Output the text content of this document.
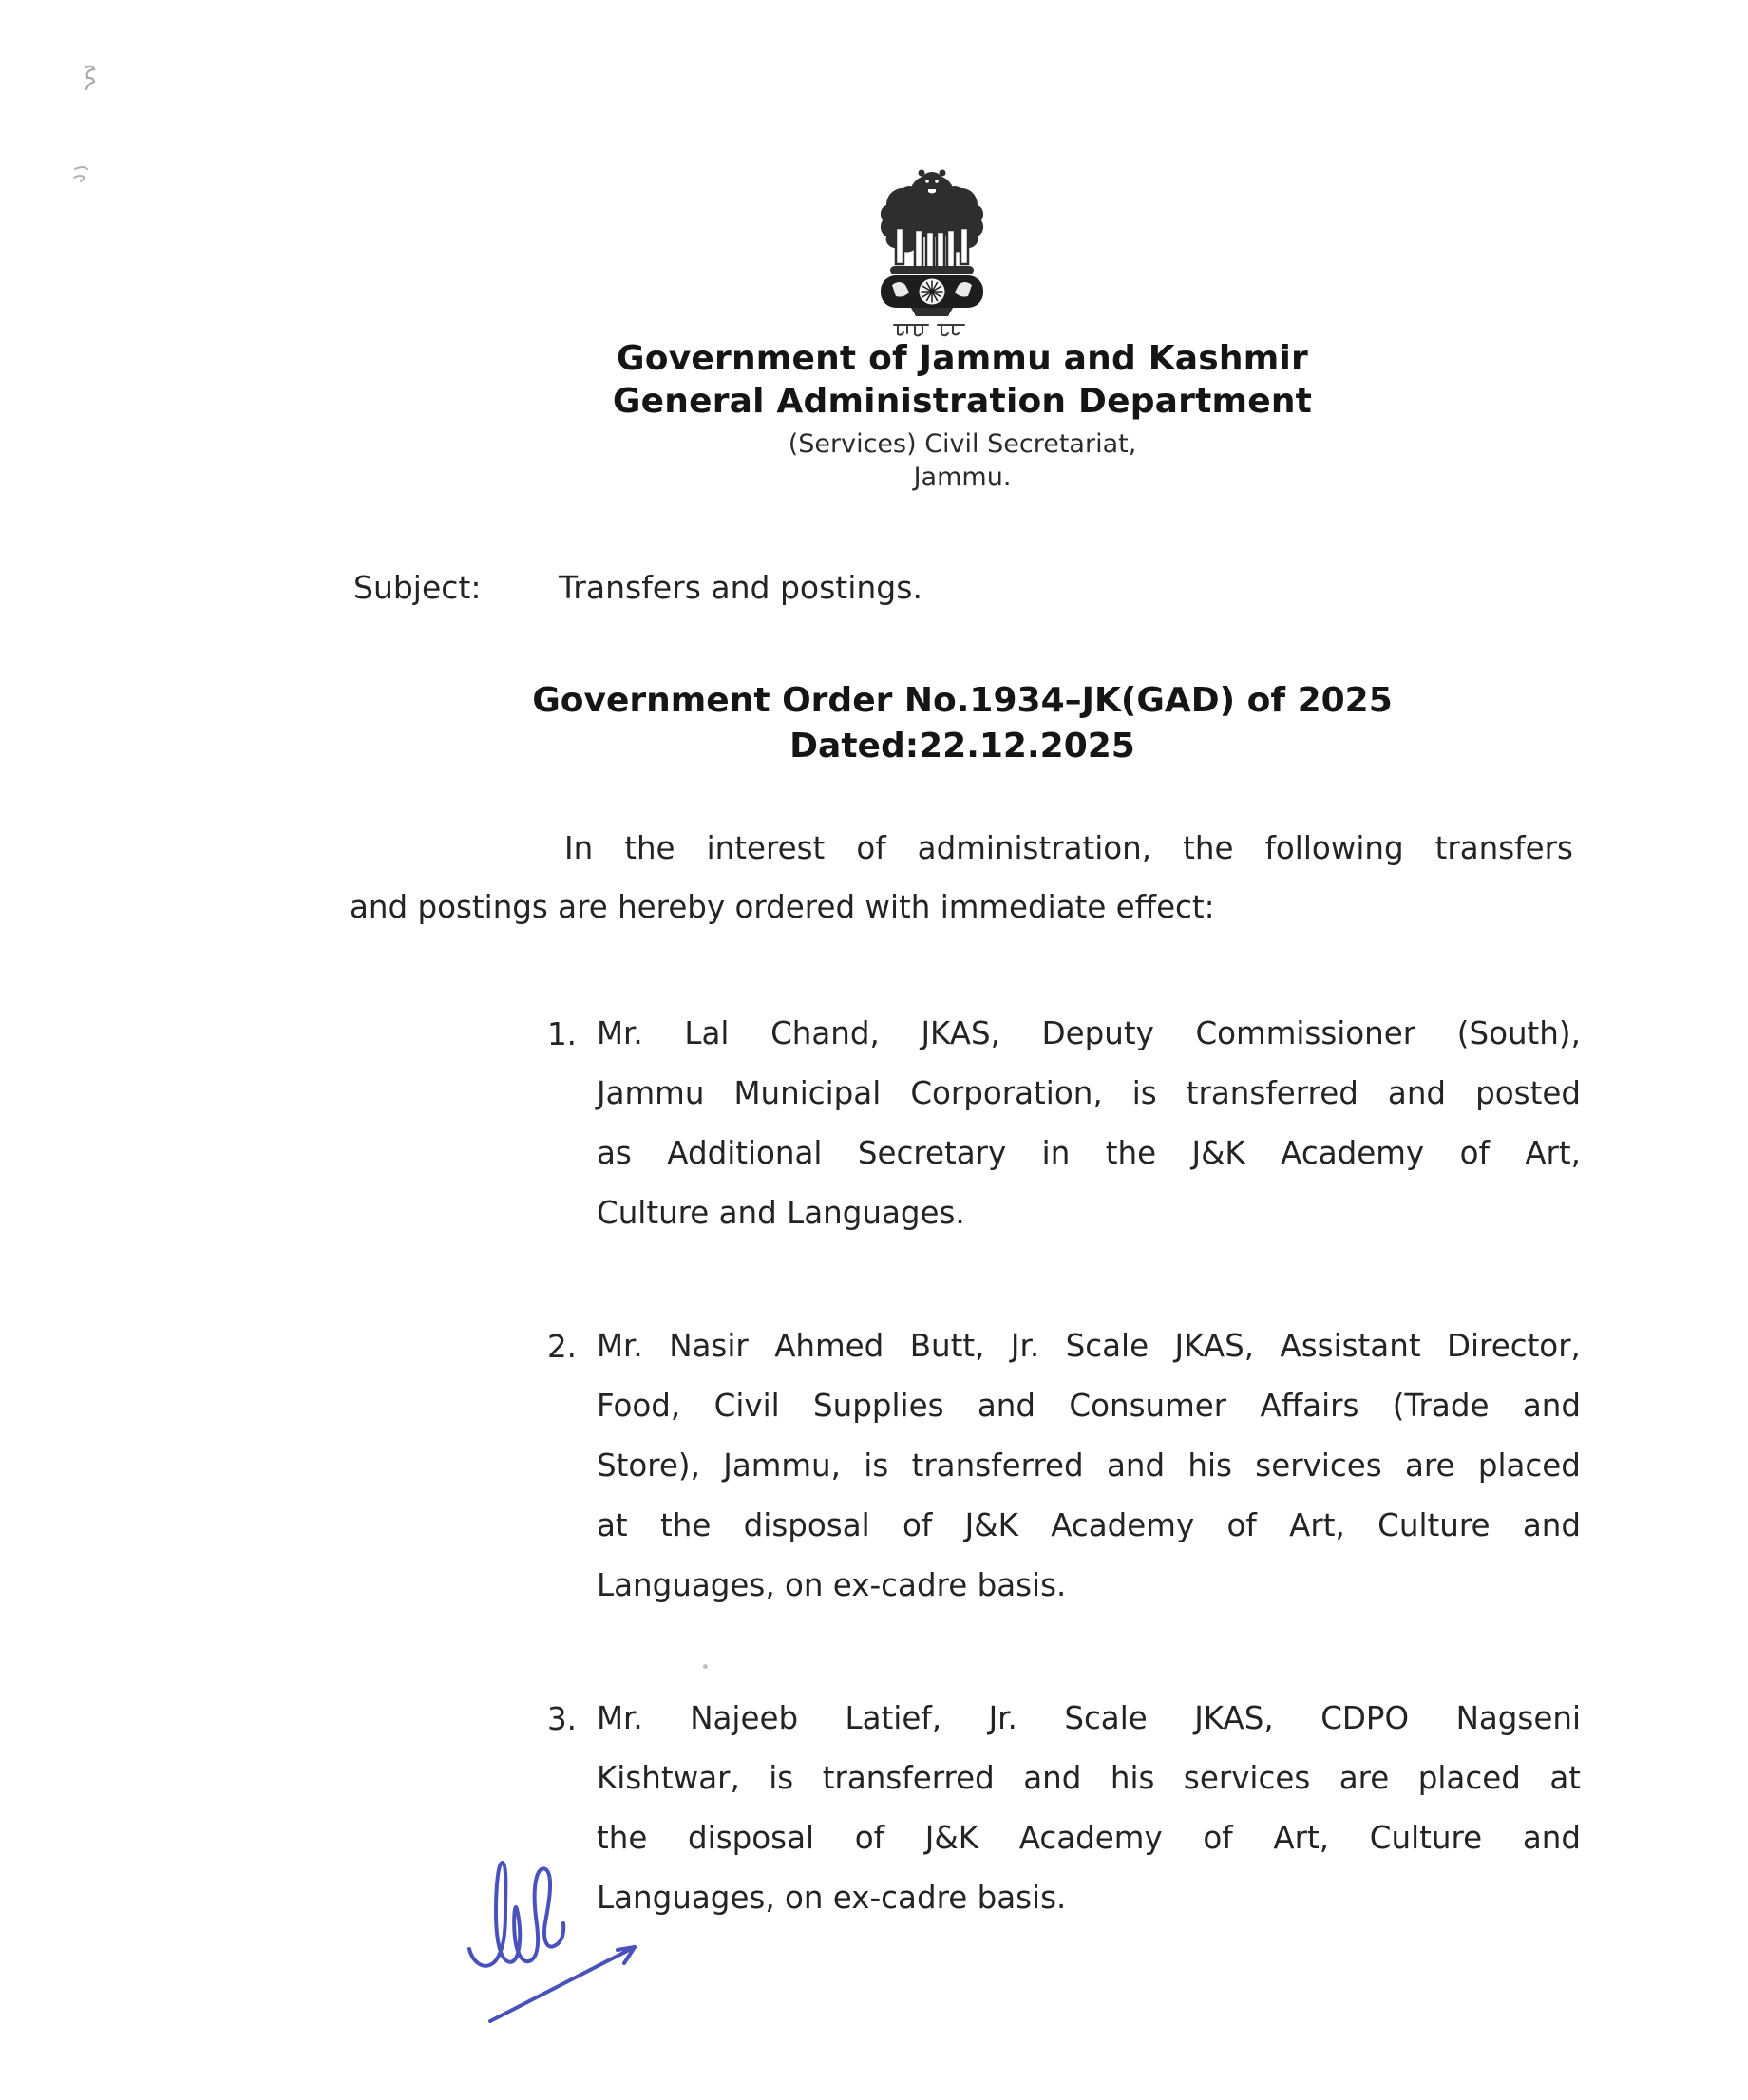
Government of Jammu and Kashmir
General Administration Department
(Services) Civil Secretariat,
Jammu.
Subject:	Transfers and postings.
Government Order No.1934–JK(GAD) of 2025
Dated:22.12.2025
In the interest of administration, the following transfers
and postings are hereby ordered with immediate effect:
1. Mr. Lal Chand, JKAS, Deputy Commissioner (South),
Jammu Municipal Corporation, is transferred and posted
as Additional Secretary in the J&K Academy of Art,
Culture and Languages.
2. Mr. Nasir Ahmed Butt, Jr. Scale JKAS, Assistant Director,
Food, Civil Supplies and Consumer Affairs (Trade and
Store), Jammu, is transferred and his services are placed
at the disposal of J&K Academy of Art, Culture and
Languages, on ex-cadre basis.
3. Mr. Najeeb Latief, Jr. Scale JKAS, CDPO Nagseni
Kishtwar, is transferred and his services are placed at
the disposal of J&K Academy of Art, Culture and
Languages, on ex-cadre basis.
